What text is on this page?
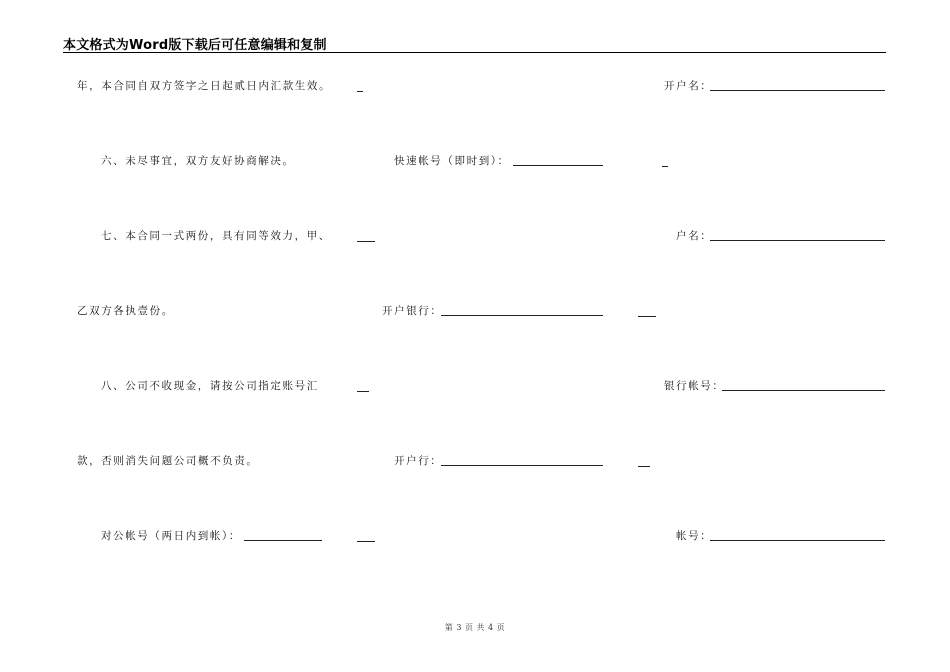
本文格式为Word版下载后可任意编辑和复制
年，本合同自双方签字之日起贰日内汇款生效。
六、未尽事宜，双方友好协商解决。
七、本合同一式两份，具有同等效力，甲、
乙双方各执壹份。
八、公司不收现金，请按公司指定账号汇
款，否则消失问题公司概不负责。
对公帐号（两日内到帐）：
快速帐号（即时到）：
开户银行：
开户行：
开户名：
户名：
银行帐号：
帐号：
第 3 页 共 4 页
